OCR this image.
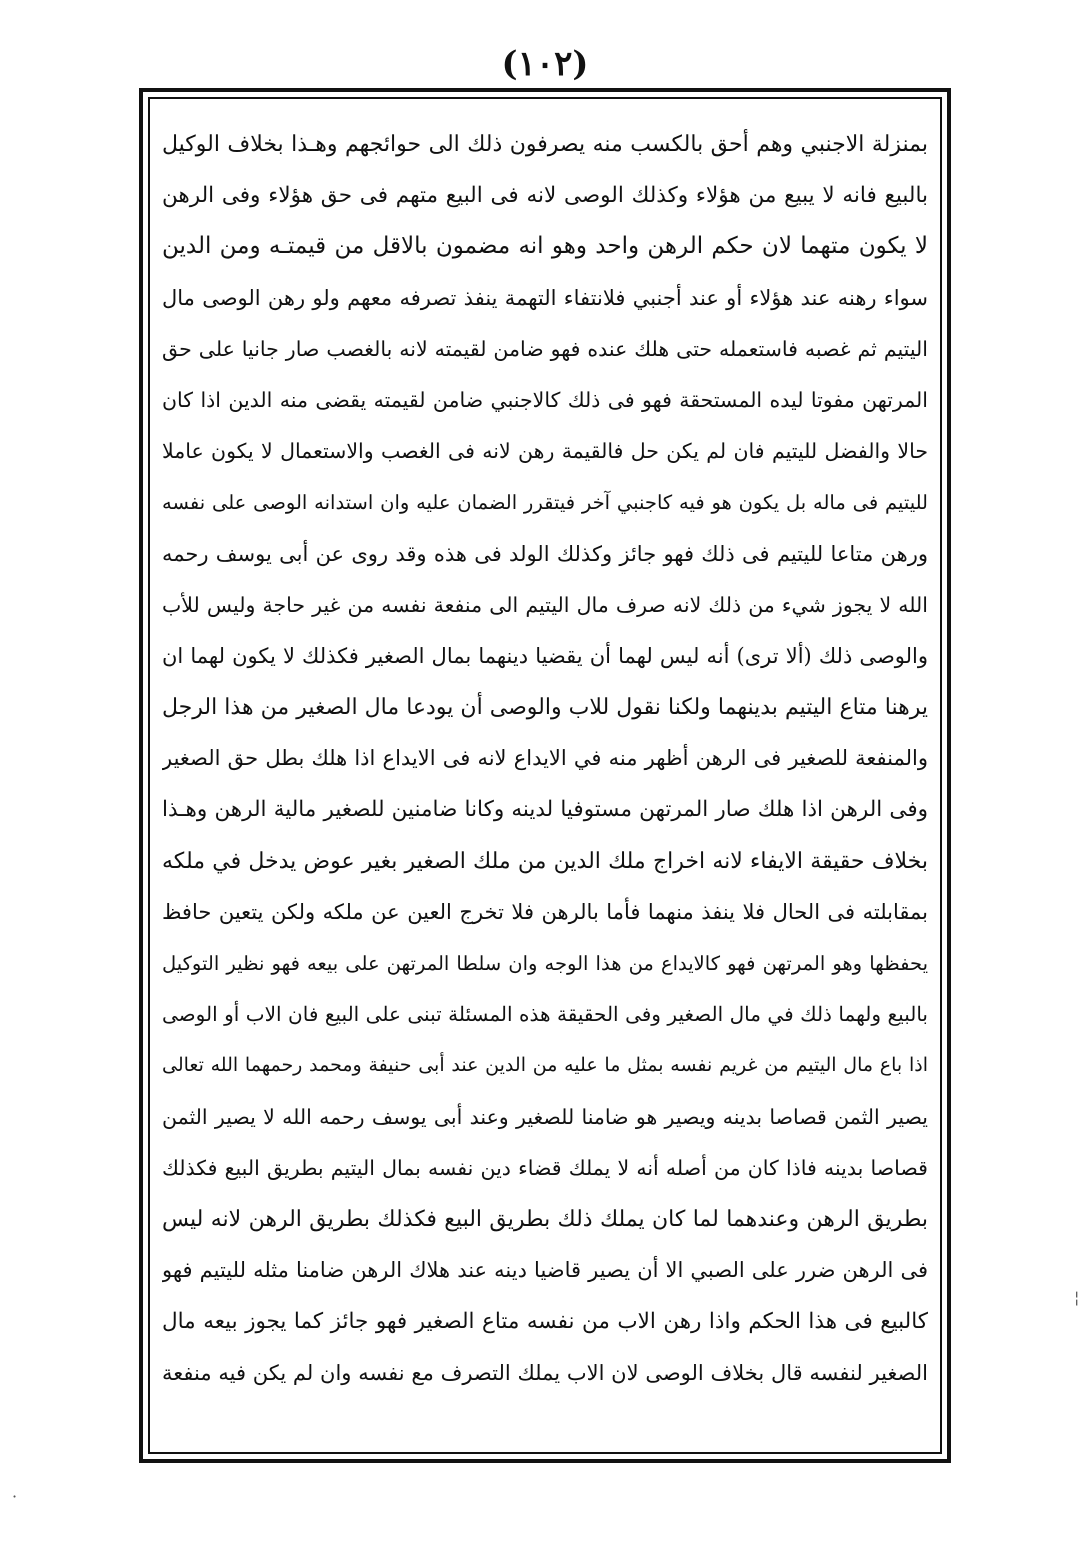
(١٠٢)
بمنزلة الاجنبي وهم أحق بالكسب منه يصرفون ذلك الى حوائجهم وهـذا بخلاف الوكيل
بالبيع فانه لا يبيع من هؤلاء وكذلك الوصى لانه فى البيع متهم فى حق هؤلاء وفى الرهن
لا يكون متهما لان حكم الرهن واحد وهو انه مضمون بالاقل من قيمتـه ومن الدين
سواء رهنه عند هؤلاء أو عند أجنبي فلانتفاء التهمة ينفذ تصرفه معهم ولو رهن الوصى مال
اليتيم ثم غصبه فاستعمله حتى هلك عنده فهو ضامن لقيمته لانه بالغصب صار جانيا على حق
المرتهن مفوتا ليده المستحقة فهو فى ذلك كالاجنبي ضامن لقيمته يقضى منه الدين اذا كان
حالا والفضل لليتيم فان لم يكن حل فالقيمة رهن لانه فى الغصب والاستعمال لا يكون عاملا
لليتيم فى ماله بل يكون هو فيه كاجنبي آخر فيتقرر الضمان عليه وان استدانه الوصى على نفسه
ورهن متاعا لليتيم فى ذلك فهو جائز وكذلك الولد فى هذه وقد روى عن أبى يوسف رحمه
الله لا يجوز شيء من ذلك لانه صرف مال اليتيم الى منفعة نفسه من غير حاجة وليس للأب
والوصى ذلك (ألا ترى) أنه ليس لهما أن يقضيا دينهما بمال الصغير فكذلك لا يكون لهما ان
يرهنا متاع اليتيم بدينهما ولكنا نقول للاب والوصى أن يودعا مال الصغير من هذا الرجل
والمنفعة للصغير فى الرهن أظهر منه في الايداع لانه فى الايداع اذا هلك بطل حق الصغير
وفى الرهن اذا هلك صار المرتهن مستوفيا لدينه وكانا ضامنين للصغير مالية الرهن وهـذا
بخلاف حقيقة الايفاء لانه اخراج ملك الدين من ملك الصغير بغير عوض يدخل في ملكه
بمقابلته فى الحال فلا ينفذ منهما فأما بالرهن فلا تخرج العين عن ملكه ولكن يتعين حافظ
يحفظها وهو المرتهن فهو كالايداع من هذا الوجه وان سلطا المرتهن على بيعه فهو نظير التوكيل
بالبيع ولهما ذلك في مال الصغير وفى الحقيقة هذه المسئلة تبنى على البيع فان الاب أو الوصى
اذا باع مال اليتيم من غريم نفسه بمثل ما عليه من الدين عند أبى حنيفة ومحمد رحمهما الله تعالى
يصير الثمن قصاصا بدينه ويصير هو ضامنا للصغير وعند أبى يوسف رحمه الله لا يصير الثمن
قصاصا بدينه فاذا كان من أصله أنه لا يملك قضاء دين نفسه بمال اليتيم بطريق البيع فكذلك
بطريق الرهن وعندهما لما كان يملك ذلك بطريق البيع فكذلك بطريق الرهن لانه ليس
فى الرهن ضرر على الصبي الا أن يصير قاضيا دينه عند هلاك الرهن ضامنا مثله لليتيم فهو
كالبيع فى هذا الحكم واذا رهن الاب من نفسه متاع الصغير فهو جائز كما يجوز بيعه مال
الصغير لنفسه قال بخلاف الوصى لان الاب يملك التصرف مع نفسه وان لم يكن فيه منفعة
¦
·
